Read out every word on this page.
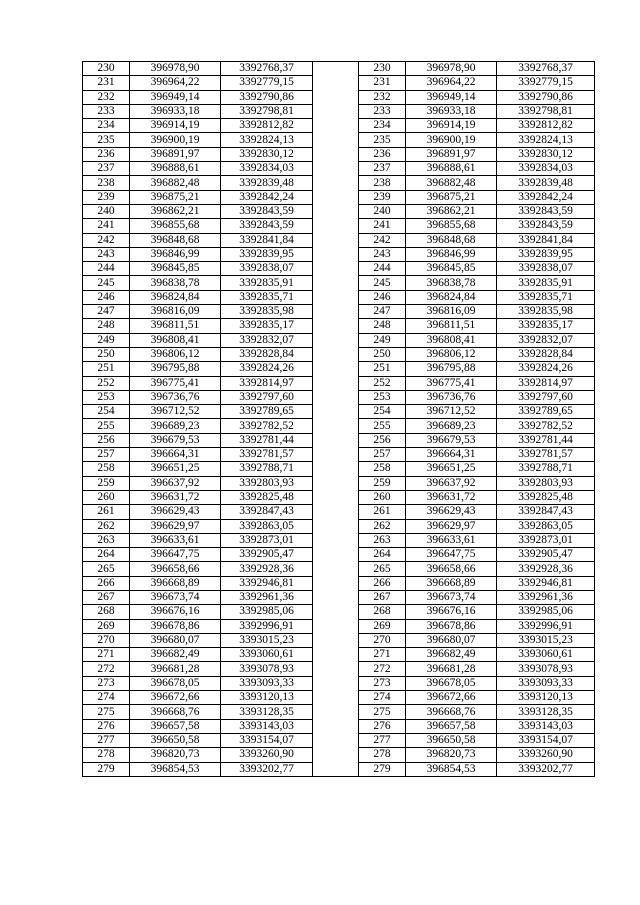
230	396978,90	3392768,37		230	396978,90	3392768,37
231	396964,22	3392779,15		231	396964,22	3392779,15
232	396949,14	3392790,86		232	396949,14	3392790,86
233	396933,18	3392798,81		233	396933,18	3392798,81
234	396914,19	3392812,82		234	396914,19	3392812,82
235	396900,19	3392824,13		235	396900,19	3392824,13
236	396891,97	3392830,12		236	396891,97	3392830,12
237	396888,61	3392834,03		237	396888,61	3392834,03
238	396882,48	3392839,48		238	396882,48	3392839,48
239	396875,21	3392842,24		239	396875,21	3392842,24
240	396862,21	3392843,59		240	396862,21	3392843,59
241	396855,68	3392843,59		241	396855,68	3392843,59
242	396848,68	3392841,84		242	396848,68	3392841,84
243	396846,99	3392839,95		243	396846,99	3392839,95
244	396845,85	3392838,07		244	396845,85	3392838,07
245	396838,78	3392835,91		245	396838,78	3392835,91
246	396824,84	3392835,71		246	396824,84	3392835,71
247	396816,09	3392835,98		247	396816,09	3392835,98
248	396811,51	3392835,17		248	396811,51	3392835,17
249	396808,41	3392832,07		249	396808,41	3392832,07
250	396806,12	3392828,84		250	396806,12	3392828,84
251	396795,88	3392824,26		251	396795,88	3392824,26
252	396775,41	3392814,97		252	396775,41	3392814,97
253	396736,76	3392797,60		253	396736,76	3392797,60
254	396712,52	3392789,65		254	396712,52	3392789,65
255	396689,23	3392782,52		255	396689,23	3392782,52
256	396679,53	3392781,44		256	396679,53	3392781,44
257	396664,31	3392781,57		257	396664,31	3392781,57
258	396651,25	3392788,71		258	396651,25	3392788,71
259	396637,92	3392803,93		259	396637,92	3392803,93
260	396631,72	3392825,48		260	396631,72	3392825,48
261	396629,43	3392847,43		261	396629,43	3392847,43
262	396629,97	3392863,05		262	396629,97	3392863,05
263	396633,61	3392873,01		263	396633,61	3392873,01
264	396647,75	3392905,47		264	396647,75	3392905,47
265	396658,66	3392928,36		265	396658,66	3392928,36
266	396668,89	3392946,81		266	396668,89	3392946,81
267	396673,74	3392961,36		267	396673,74	3392961,36
268	396676,16	3392985,06		268	396676,16	3392985,06
269	396678,86	3392996,91		269	396678,86	3392996,91
270	396680,07	3393015,23		270	396680,07	3393015,23
271	396682,49	3393060,61		271	396682,49	3393060,61
272	396681,28	3393078,93		272	396681,28	3393078,93
273	396678,05	3393093,33		273	396678,05	3393093,33
274	396672,66	3393120,13		274	396672,66	3393120,13
275	396668,76	3393128,35		275	396668,76	3393128,35
276	396657,58	3393143,03		276	396657,58	3393143,03
277	396650,58	3393154,07		277	396650,58	3393154,07
278	396820,73	3393260,90		278	396820,73	3393260,90
279	396854,53	3393202,77		279	396854,53	3393202,77
